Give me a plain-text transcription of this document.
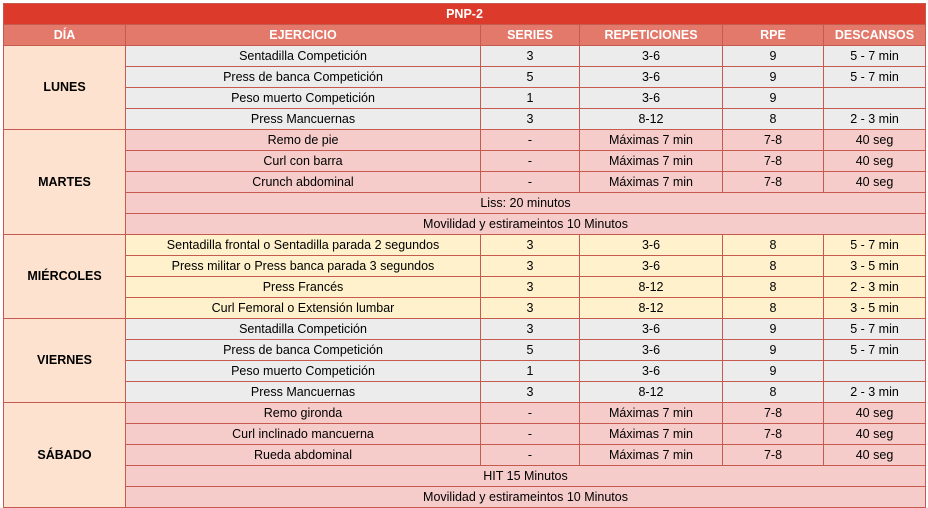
PNP-2					
DÍA	EJERCICIO	SERIES	REPETICIONES	RPE	DESCANSOS
LUNES	Sentadilla Competición	3	3-6	9	5 - 7 min
	Press de banca Competición	5	3-6	9	5 - 7 min
	Peso muerto Competición	1	3-6	9	
	Press Mancuernas	3	8-12	8	2 - 3 min
MARTES	Remo de pie	-	Máximas 7 min	7-8	40 seg
	Curl con barra	-	Máximas 7 min	7-8	40 seg
	Crunch abdominal	-	Máximas 7 min	7-8	40 seg
	Liss: 20 minutos				
	Movilidad y estirameintos 10 Minutos				
MIÉRCOLES	Sentadilla frontal o Sentadilla parada 2 segundos	3	3-6	8	5 - 7 min
	Press militar o Press banca parada 3 segundos	3	3-6	8	3 - 5 min
	Press Francés	3	8-12	8	2 - 3 min
	Curl Femoral o Extensión lumbar	3	8-12	8	3 - 5 min
VIERNES	Sentadilla Competición	3	3-6	9	5 - 7 min
	Press de banca Competición	5	3-6	9	5 - 7 min
	Peso muerto Competición	1	3-6	9	
	Press Mancuernas	3	8-12	8	2 - 3 min
SÁBADO	Remo gironda	-	Máximas 7 min	7-8	40 seg
	Curl inclinado mancuerna	-	Máximas 7 min	7-8	40 seg
	Rueda abdominal	-	Máximas 7 min	7-8	40 seg
	HIT 15 Minutos				
	Movilidad y estirameintos 10 Minutos				
